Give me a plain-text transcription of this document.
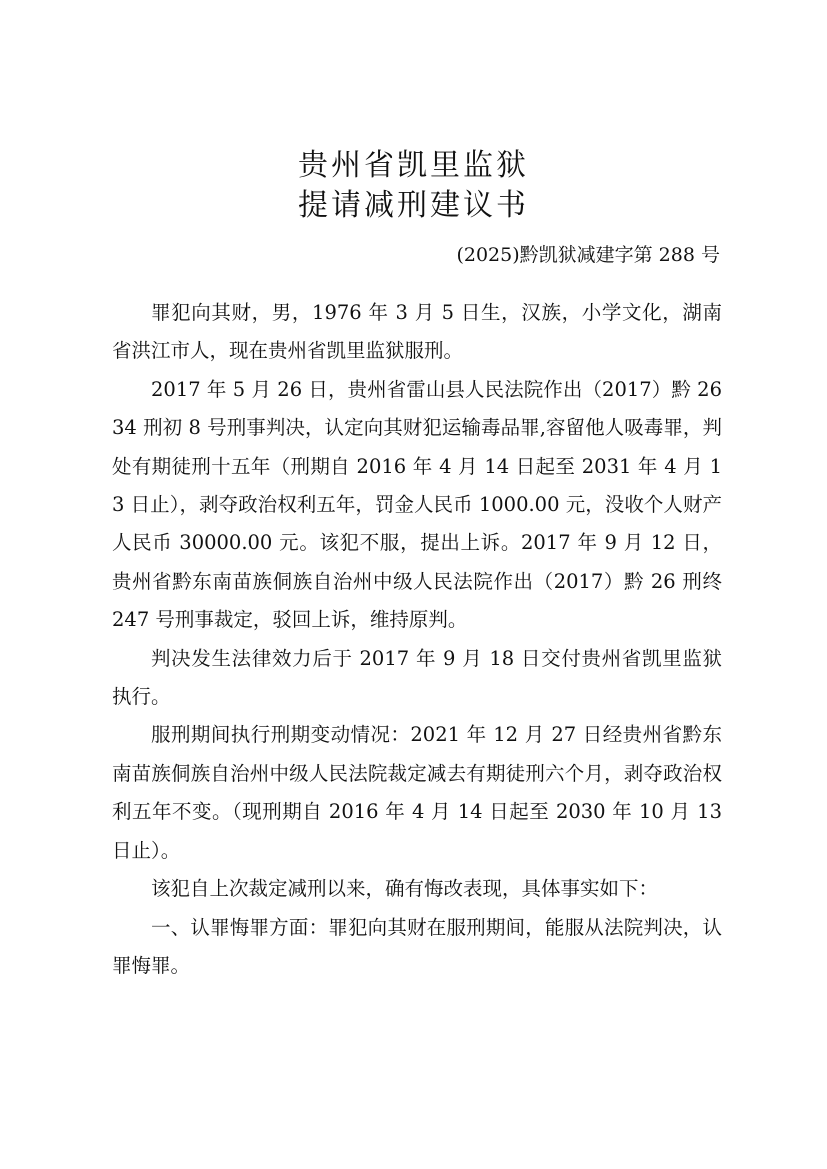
贵州省凯里监狱
提请减刑建议书
(2025)黔凯狱减建字第 288 号

罪犯向其财，男，1976 年 3 月 5 日生，汉族，小学文化，湖南省洪江市人，现在贵州省凯里监狱服刑。

2017 年 5 月 26 日，贵州省雷山县人民法院作出（2017）黔 2634 刑初 8 号刑事判决，认定向其财犯运输毒品罪,容留他人吸毒罪，判处有期徒刑十五年（刑期自 2016 年 4 月 14 日起至 2031 年 4 月 13 日止），剥夺政治权利五年，罚金人民币 1000.00 元，没收个人财产人民币 30000.00 元。该犯不服，提出上诉。2017 年 9 月 12 日，贵州省黔东南苗族侗族自治州中级人民法院作出（2017）黔 26 刑终 247 号刑事裁定，驳回上诉，维持原判。

判决发生法律效力后于 2017 年 9 月 18 日交付贵州省凯里监狱执行。

服刑期间执行刑期变动情况：2021 年 12 月 27 日经贵州省黔东南苗族侗族自治州中级人民法院裁定减去有期徒刑六个月，剥夺政治权利五年不变。（现刑期自 2016 年 4 月 14 日起至 2030 年 10 月 13 日止）。

该犯自上次裁定减刑以来，确有悔改表现，具体事实如下：

一、认罪悔罪方面：罪犯向其财在服刑期间，能服从法院判决，认罪悔罪。
